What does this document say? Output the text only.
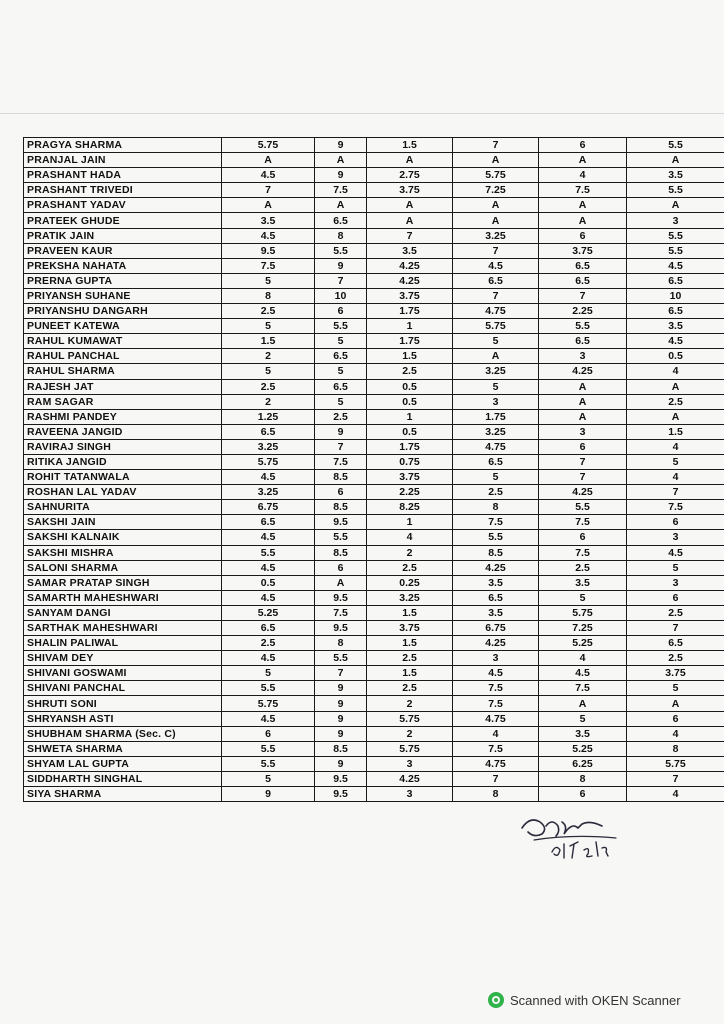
PRAGYA SHARMA	5.75	9	1.5	7	6	5.5
PRANJAL JAIN	A	A	A	A	A	A
PRASHANT HADA	4.5	9	2.75	5.75	4	3.5
PRASHANT TRIVEDI	7	7.5	3.75	7.25	7.5	5.5
PRASHANT YADAV	A	A	A	A	A	A
PRATEEK GHUDE	3.5	6.5	A	A	A	3
PRATIK JAIN	4.5	8	7	3.25	6	5.5
PRAVEEN KAUR	9.5	5.5	3.5	7	3.75	5.5
PREKSHA NAHATA	7.5	9	4.25	4.5	6.5	4.5
PRERNA GUPTA	5	7	4.25	6.5	6.5	6.5
PRIYANSH SUHANE	8	10	3.75	7	7	10
PRIYANSHU DANGARH	2.5	6	1.75	4.75	2.25	6.5
PUNEET KATEWA	5	5.5	1	5.75	5.5	3.5
RAHUL KUMAWAT	1.5	5	1.75	5	6.5	4.5
RAHUL PANCHAL	2	6.5	1.5	A	3	0.5
RAHUL SHARMA	5	5	2.5	3.25	4.25	4
RAJESH JAT	2.5	6.5	0.5	5	A	A
RAM SAGAR	2	5	0.5	3	A	2.5
RASHMI PANDEY	1.25	2.5	1	1.75	A	A
RAVEENA JANGID	6.5	9	0.5	3.25	3	1.5
RAVIRAJ SINGH	3.25	7	1.75	4.75	6	4
RITIKA JANGID	5.75	7.5	0.75	6.5	7	5
ROHIT TATANWALA	4.5	8.5	3.75	5	7	4
ROSHAN LAL YADAV	3.25	6	2.25	2.5	4.25	7
SAHNURITA	6.75	8.5	8.25	8	5.5	7.5
SAKSHI JAIN	6.5	9.5	1	7.5	7.5	6
SAKSHI KALNAIK	4.5	5.5	4	5.5	6	3
SAKSHI MISHRA	5.5	8.5	2	8.5	7.5	4.5
SALONI SHARMA	4.5	6	2.5	4.25	2.5	5
SAMAR PRATAP SINGH	0.5	A	0.25	3.5	3.5	3
SAMARTH MAHESHWARI	4.5	9.5	3.25	6.5	5	6
SANYAM DANGI	5.25	7.5	1.5	3.5	5.75	2.5
SARTHAK MAHESHWARI	6.5	9.5	3.75	6.75	7.25	7
SHALIN PALIWAL	2.5	8	1.5	4.25	5.25	6.5
SHIVAM DEY	4.5	5.5	2.5	3	4	2.5
SHIVANI GOSWAMI	5	7	1.5	4.5	4.5	3.75
SHIVANI PANCHAL	5.5	9	2.5	7.5	7.5	5
SHRUTI SONI	5.75	9	2	7.5	A	A
SHRYANSH ASTI	4.5	9	5.75	4.75	5	6
SHUBHAM SHARMA (Sec. C)	6	9	2	4	3.5	4
SHWETA SHARMA	5.5	8.5	5.75	7.5	5.25	8
SHYAM LAL GUPTA	5.5	9	3	4.75	6.25	5.75
SIDDHARTH SINGHAL	5	9.5	4.25	7	8	7
SIYA SHARMA	9	9.5	3	8	6	4
Scanned with OKEN Scanner
